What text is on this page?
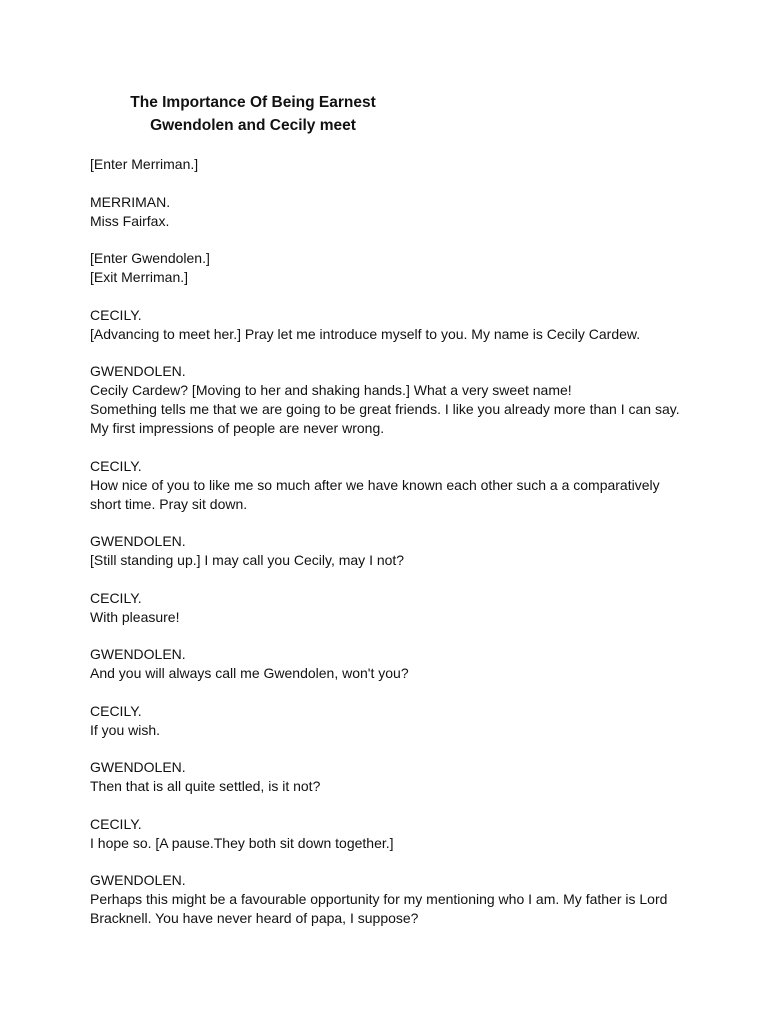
The Importance Of Being Earnest
Gwendolen and Cecily meet
[Enter Merriman.]
MERRIMAN.
Miss Fairfax.
[Enter Gwendolen.]
[Exit Merriman.]
CECILY.
[Advancing to meet her.] Pray let me introduce myself to you. My name is Cecily Cardew.
GWENDOLEN.
Cecily Cardew? [Moving to her and shaking hands.] What a very sweet name!
Something tells me that we are going to be great friends. I like you already more than I can say.
My first impressions of people are never wrong.
CECILY.
How nice of you to like me so much after we have known each other such a a comparatively
short time. Pray sit down.
GWENDOLEN.
[Still standing up.] I may call you Cecily, may I not?
CECILY.
With pleasure!
GWENDOLEN.
And you will always call me Gwendolen, won't you?
CECILY.
If you wish.
GWENDOLEN.
Then that is all quite settled, is it not?
CECILY.
I hope so. [A pause.They both sit down together.]
GWENDOLEN.
Perhaps this might be a favourable opportunity for my mentioning who I am. My father is Lord
Bracknell. You have never heard of papa, I suppose?
